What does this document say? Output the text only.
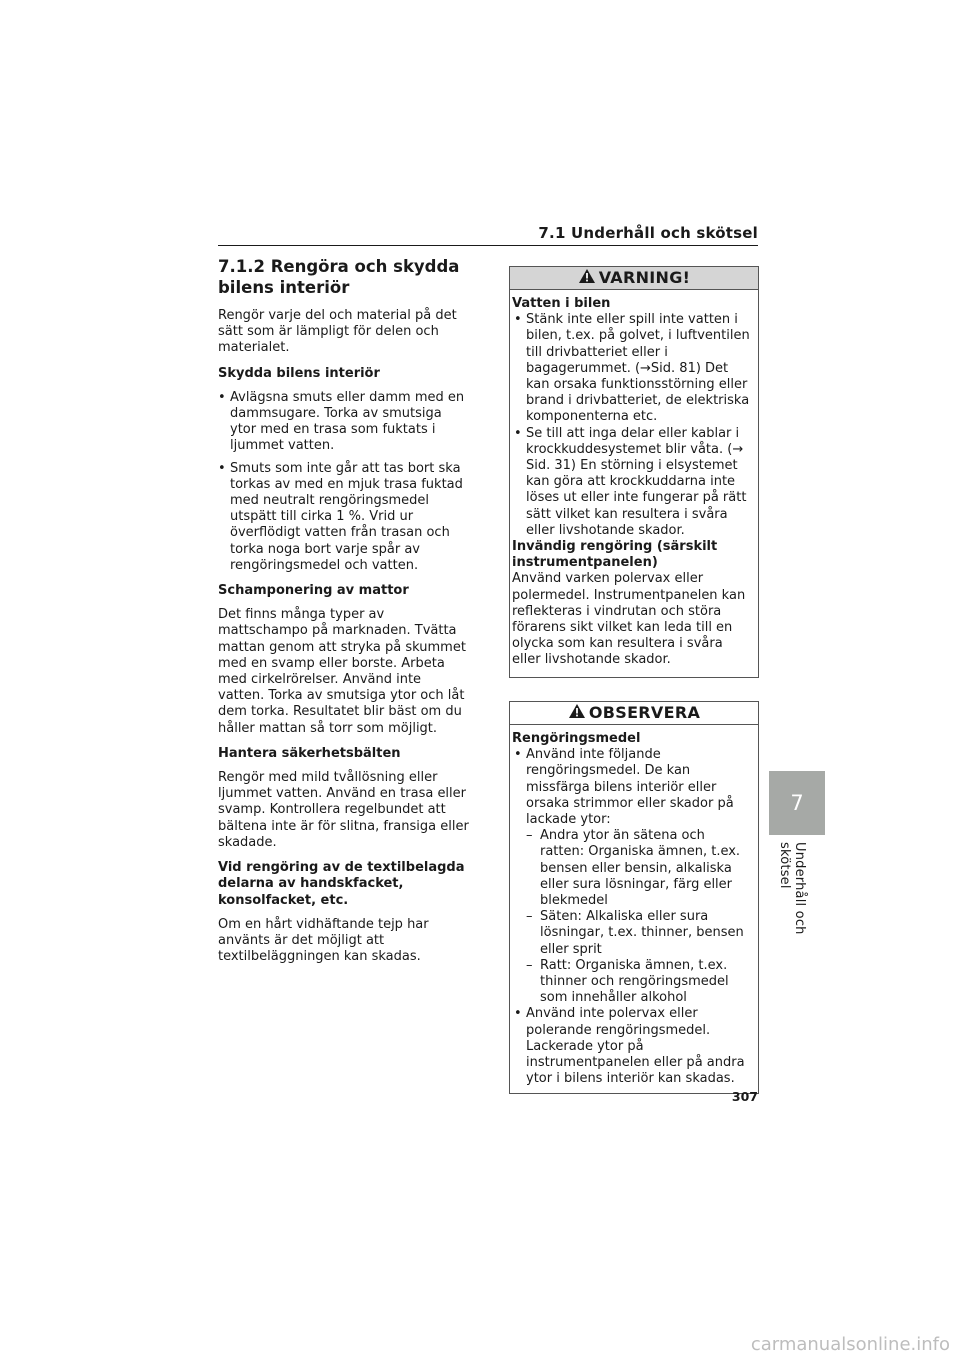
7.1 Underhåll och skötsel
7.1.2 Rengöra och skydda bilens interiör

Rengör varje del och material på det sätt som är lämpligt för delen och materialet.

Skydda bilens interiör

• Avlägsna smuts eller damm med en dammsugare. Torka av smutsiga ytor med en trasa som fuktats i ljummet vatten.
• Smuts som inte går att tas bort ska torkas av med en mjuk trasa fuktad med neutralt rengöringsmedel utspätt till cirka 1 %. Vrid ur överflödigt vatten från trasan och torka noga bort varje spår av rengöringsmedel och vatten.

Schamponering av mattor

Det finns många typer av mattschampo på marknaden. Tvätta mattan genom att stryka på skummet med en svamp eller borste. Arbeta med cirkelrörelser. Använd inte vatten. Torka av smutsiga ytor och låt dem torka. Resultatet blir bäst om du håller mattan så torr som möjligt.

Hantera säkerhetsbälten

Rengör med mild tvållösning eller ljummet vatten. Använd en trasa eller svamp. Kontrollera regelbundet att bältena inte är för slitna, fransiga eller skadade.

Vid rengöring av de textilbelagda delarna av handskfacket, konsolfacket, etc.

Om en hårt vidhäftande tejp har använts är det möjligt att textilbeläggningen kan skadas.

VARNING!

Vatten i bilen

• Stänk inte eller spill inte vatten i bilen, t.ex. på golvet, i luftventilen till drivbatteriet eller i bagagerummet. (→Sid. 81) Det kan orsaka funktionsstörning eller brand i drivbatteriet, de elektriska komponenterna etc.
• Se till att inga delar eller kablar i krockkuddesystemet blir våta. (→ Sid. 31) En störning i elsystemet kan göra att krockkuddarna inte löses ut eller inte fungerar på rätt sätt vilket kan resultera i svåra eller livshotande skador.

Invändig rengöring (särskilt instrumentpanelen)

Använd varken polervax eller polermedel. Instrumentpanelen kan reflekteras i vindrutan och störa förarens sikt vilket kan leda till en olycka som kan resultera i svåra eller livshotande skador.

OBSERVERA

Rengöringsmedel

• Använd inte följande rengöringsmedel. De kan missfärga bilens interiör eller orsaka strimmor eller skador på lackade ytor:
– Andra ytor än sätena och ratten: Organiska ämnen, t.ex. bensen eller bensin, alkaliska eller sura lösningar, färg eller blekmedel
– Säten: Alkaliska eller sura lösningar, t.ex. thinner, bensen eller sprit
– Ratt: Organiska ämnen, t.ex. thinner och rengöringsmedel som innehåller alkohol
• Använd inte polervax eller polerande rengöringsmedel. Lackerade ytor på instrumentpanelen eller på andra ytor i bilens interiör kan skadas.
7
Underhåll och skötsel
307
carmanualsonline.info
